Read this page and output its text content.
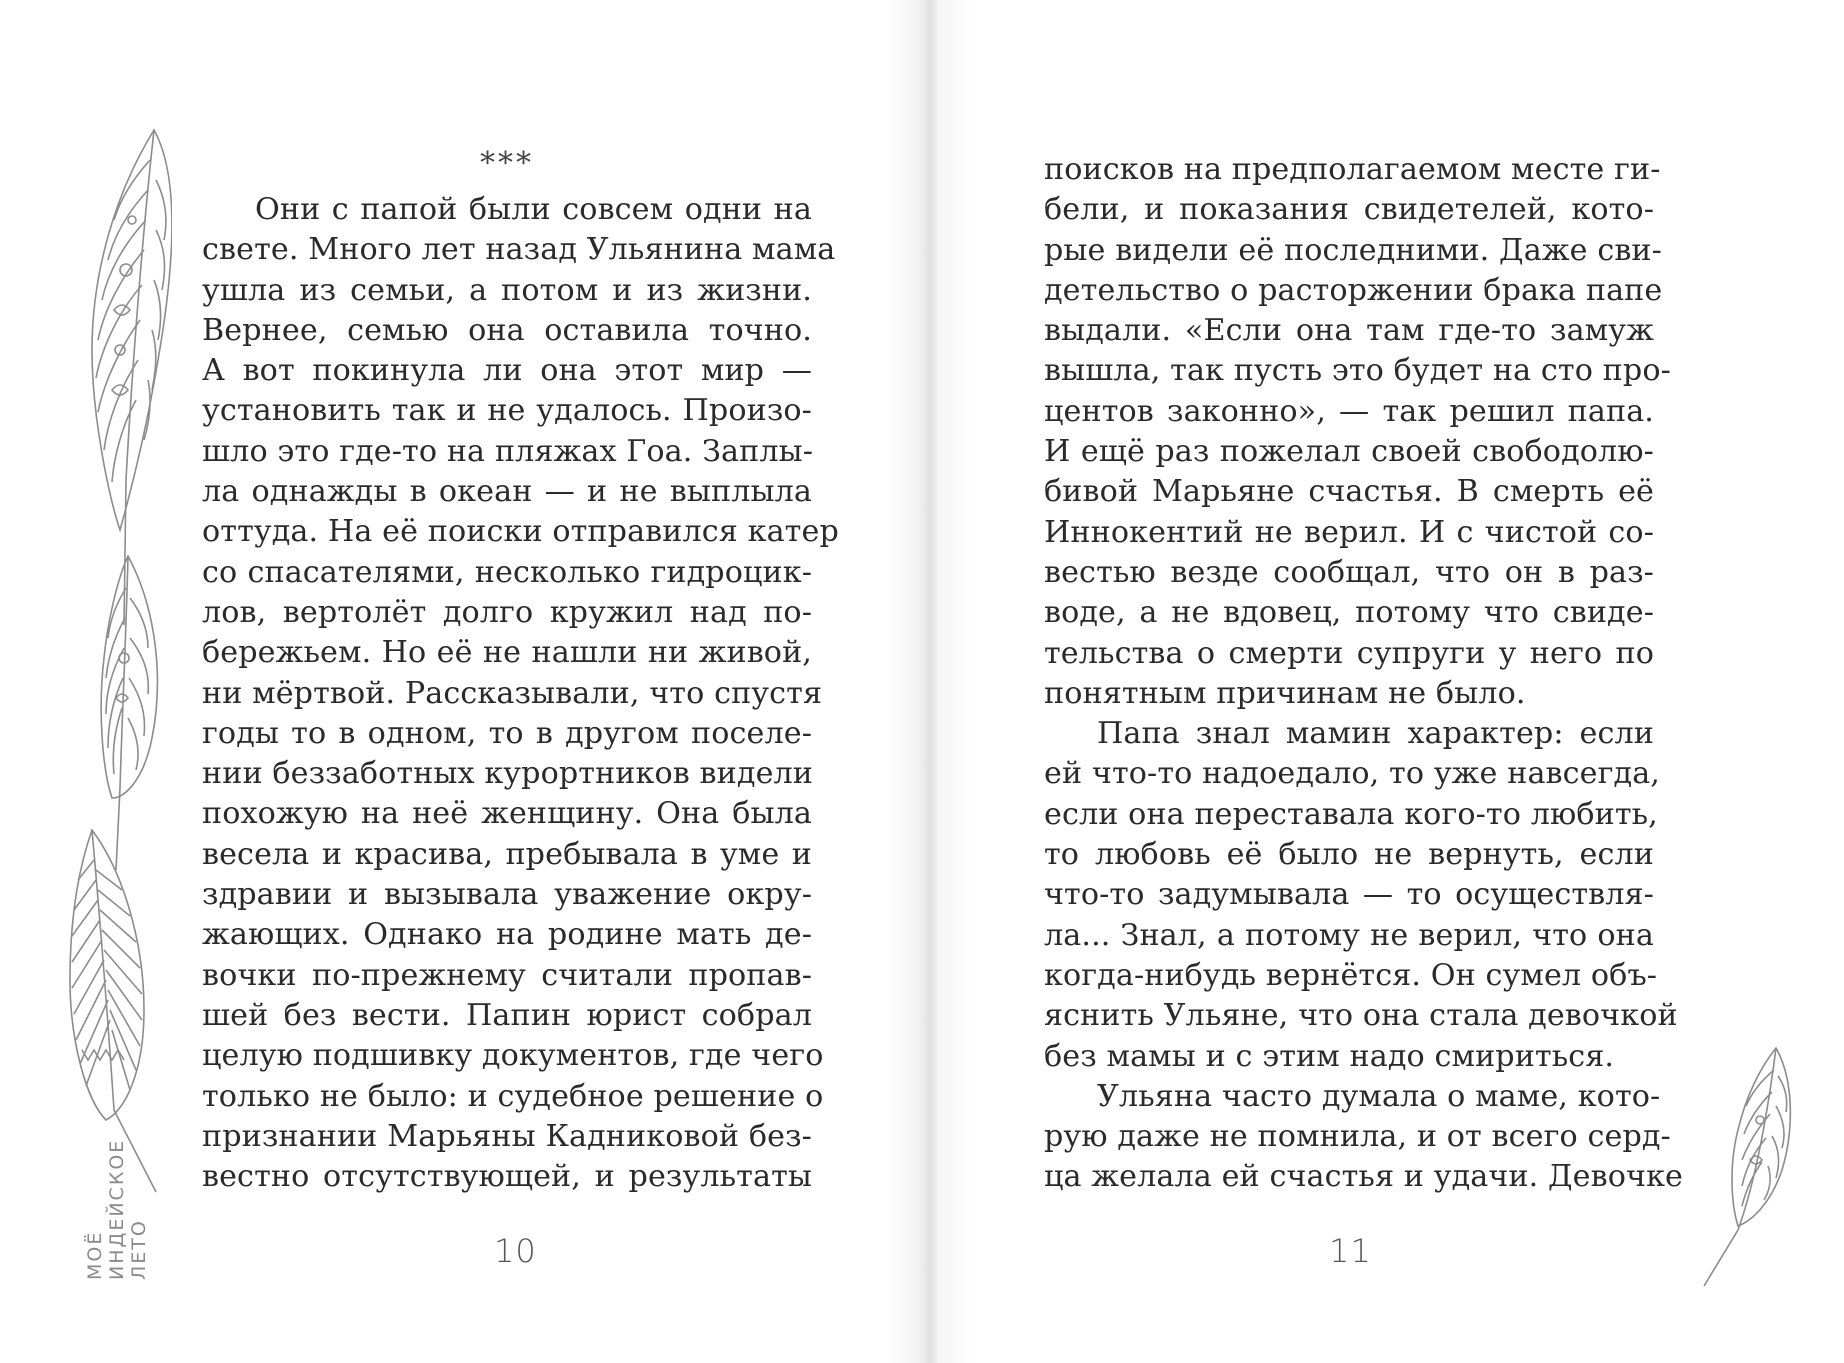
МОЁ ИНДЕЙСКОЕ ЛЕТО
***
Они с папой были совсем одни на
свете. Много лет назад Ульянина мама
ушла из семьи, а потом и из жизни.
Вернее, семью она оставила точно.
А вот покинула ли она этот мир —
установить так и не удалось. Произо-
шло это где-то на пляжах Гоа. Заплы-
ла однажды в океан — и не выплыла
оттуда. На её поиски отправился катер
со спасателями, несколько гидроцик-
лов, вертолёт долго кружил над по-
бережьем. Но её не нашли ни живой,
ни мёртвой. Рассказывали, что спустя
годы то в одном, то в другом поселе-
нии беззаботных курортников видели
похожую на неё женщину. Она была
весела и красива, пребывала в уме и
здравии и вызывала уважение окру-
жающих. Однако на родине мать де-
вочки по-прежнему считали пропав-
шей без вести. Папин юрист собрал
целую подшивку документов, где чего
только не было: и судебное решение о
признании Марьяны Кадниковой без-
вестно отсутствующей, и результаты
10
поисков на предполагаемом месте ги-
бели, и показания свидетелей, кото-
рые видели её последними. Даже сви-
детельство о расторжении брака папе
выдали. «Если она там где-то замуж
вышла, так пусть это будет на сто про-
центов законно», — так решил папа.
И ещё раз пожелал своей свободолю-
бивой Марьяне счастья. В смерть её
Иннокентий не верил. И с чистой со-
вестью везде сообщал, что он в раз-
воде, а не вдовец, потому что свиде-
тельства о смерти супруги у него по
понятным причинам не было.
Папа знал мамин характер: если
ей что-то надоедало, то уже навсегда,
если она переставала кого-то любить,
то любовь её было не вернуть, если
что-то задумывала — то осуществля-
ла... Знал, а потому не верил, что она
когда-нибудь вернётся. Он сумел объ-
яснить Ульяне, что она стала девочкой
без мамы и с этим надо смириться.
Ульяна часто думала о маме, кото-
рую даже не помнила, и от всего серд-
ца желала ей счастья и удачи. Девочке
11
